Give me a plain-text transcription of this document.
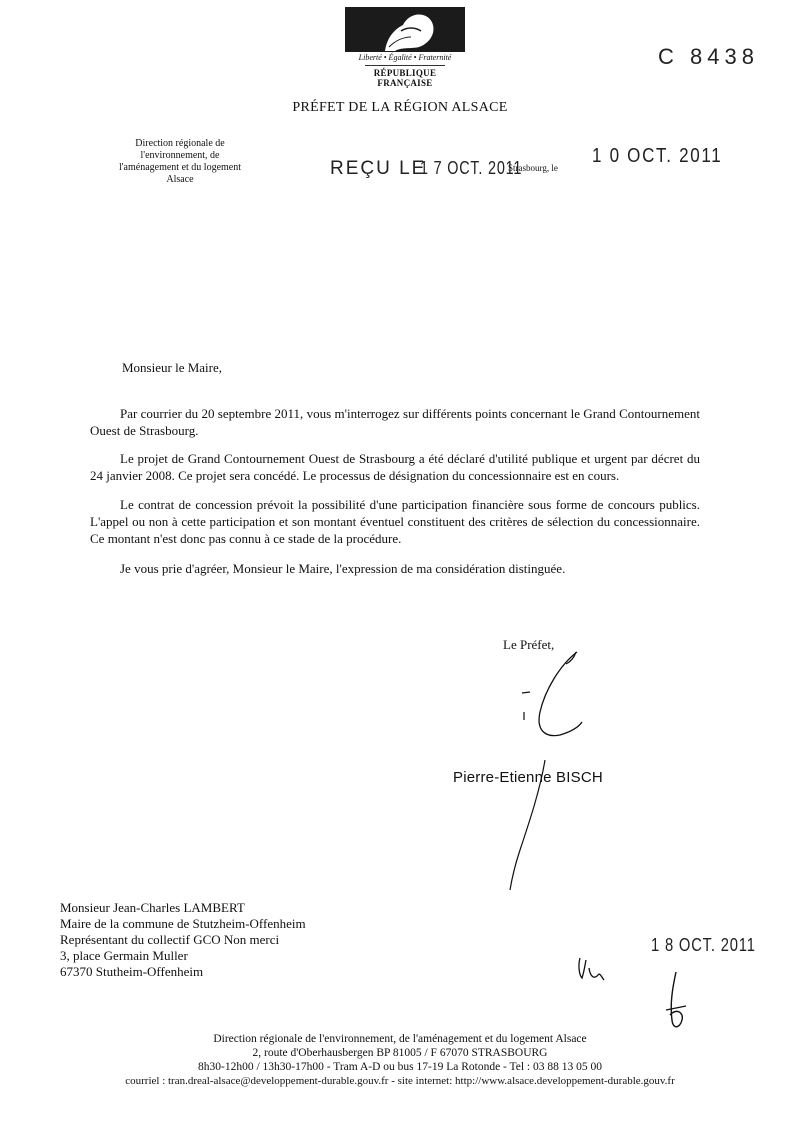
Liberté • Égalité • Fraternité
RÉPUBLIQUE FRANÇAISE
C 8438
PRÉFET DE LA RÉGION ALSACE
Direction régionale de
l'environnement, de
l'aménagement et du logement
Alsace
REÇU LE
1 7 OCT. 2011
Strasbourg, le
1 0 OCT. 2011
Monsieur le Maire,
Par courrier du 20 septembre 2011, vous m'interrogez sur différents points concernant le Grand Contournement Ouest de Strasbourg.
Le projet de Grand Contournement Ouest de Strasbourg a été déclaré d'utilité publique et urgent par décret du 24 janvier 2008. Ce projet sera concédé. Le processus de désignation du concessionnaire est en cours.
Le contrat de concession prévoit la possibilité d'une participation financière sous forme de concours publics. L'appel ou non à cette participation et son montant éventuel constituent des critères de sélection du concessionnaire. Ce montant n'est donc pas connu à ce stade de la procédure.
Je vous prie d'agréer, Monsieur le Maire, l'expression de ma considération distinguée.
Le Préfet,
Pierre-Etienne BISCH
Monsieur Jean-Charles LAMBERT
Maire de la commune de Stutzheim-Offenheim
Représentant du collectif GCO Non merci
3, place Germain Muller
67370 Stutheim-Offenheim
1 8 OCT. 2011
Direction régionale de l'environnement, de l'aménagement et du logement Alsace
2, route d'Oberhausbergen BP 81005 / F 67070 STRASBOURG
8h30-12h00 / 13h30-17h00 - Tram A-D ou bus 17-19 La Rotonde - Tel : 03 88 13 05 00
courriel : tran.dreal-alsace@developpement-durable.gouv.fr - site internet: http://www.alsace.developpement-durable.gouv.fr
